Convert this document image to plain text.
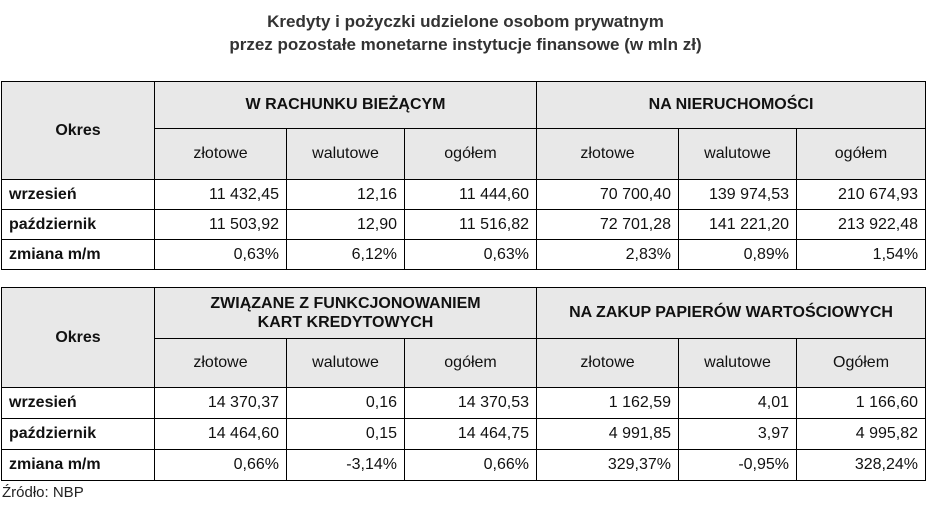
Kredyty i pożyczki udzielone osobom prywatnym
przez pozostałe monetarne instytucje finansowe (w mln zł)
Okres	W RACHUNKU BIEŻĄCYM			NA NIERUCHOMOŚCI		
	złotowe	walutowe	ogółem	złotowe	walutowe	ogółem
wrzesień	11 432,45	12,16	11 444,60	70 700,40	139 974,53	210 674,93
październik	11 503,92	12,90	11 516,82	72 701,28	141 221,20	213 922,48
zmiana m/m	0,63%	6,12%	0,63%	2,83%	0,89%	1,54%
Okres	ZWIĄZANE Z FUNKCJONOWANIEM
KART KREDYTOWYCH			NA ZAKUP PAPIERÓW WARTOŚCIOWYCH		
	złotowe	walutowe	ogółem	złotowe	walutowe	Ogółem
wrzesień	14 370,37	0,16	14 370,53	1 162,59	4,01	1 166,60
październik	14 464,60	0,15	14 464,75	4 991,85	3,97	4 995,82
zmiana m/m	0,66%	-3,14%	0,66%	329,37%	-0,95%	328,24%
Źródło: NBP
